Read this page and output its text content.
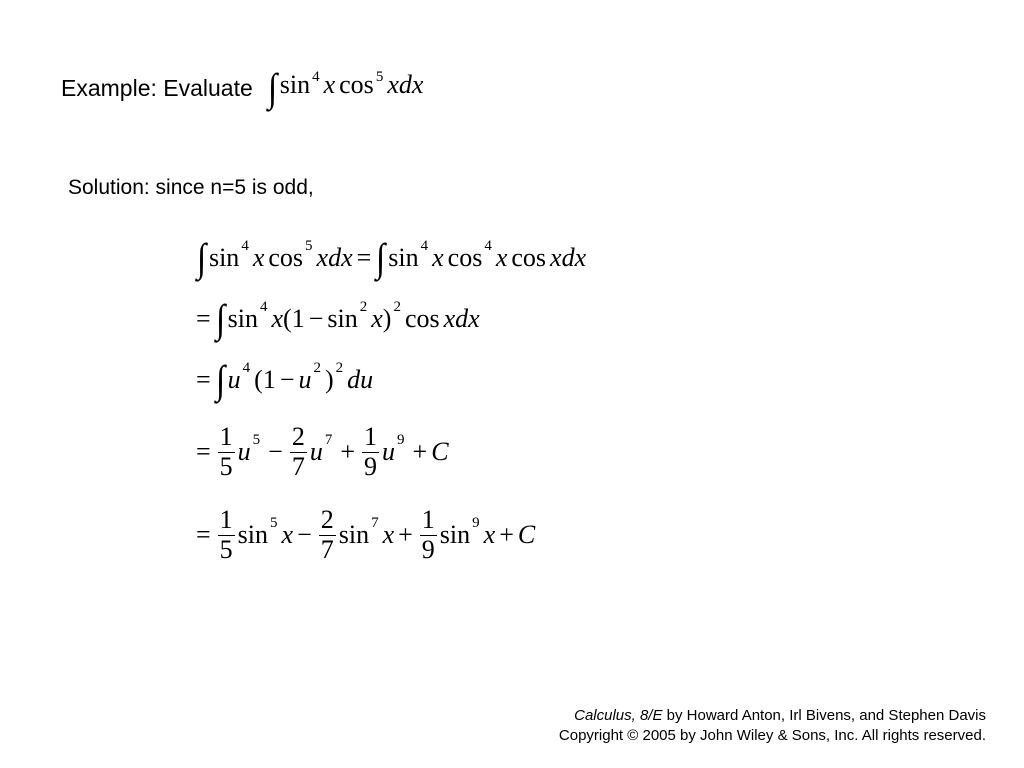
Example: Evaluate ∫ sin $^4$ x cos $^5$ xdx
Solution: since n=5 is odd,
∫ $\sin^4 x$ $\cos^5 x$ dx = ∫ $\sin^4 x$ $\cos^4 x$ cos x dx
= ∫ $\sin^4 x$ ( $1 - \sin^2 x$ )$^2$ cos x dx
= ∫ $u^4$ ( $1 - u^2$ )$^2$ du
= $\frac{1}{5} u^5 - \frac{2}{7} u^7 + \frac{1}{9} u^9 + C$
= $\frac{1}{5} \sin^5 x - \frac{2}{7} \sin^7 x + \frac{1}{9} \sin^9 x + C$
Calculus, 8/E by Howard Anton, Irl Bivens, and Stephen Davis
Copyright © 2005 by John Wiley & Sons, Inc. All rights reserved.
